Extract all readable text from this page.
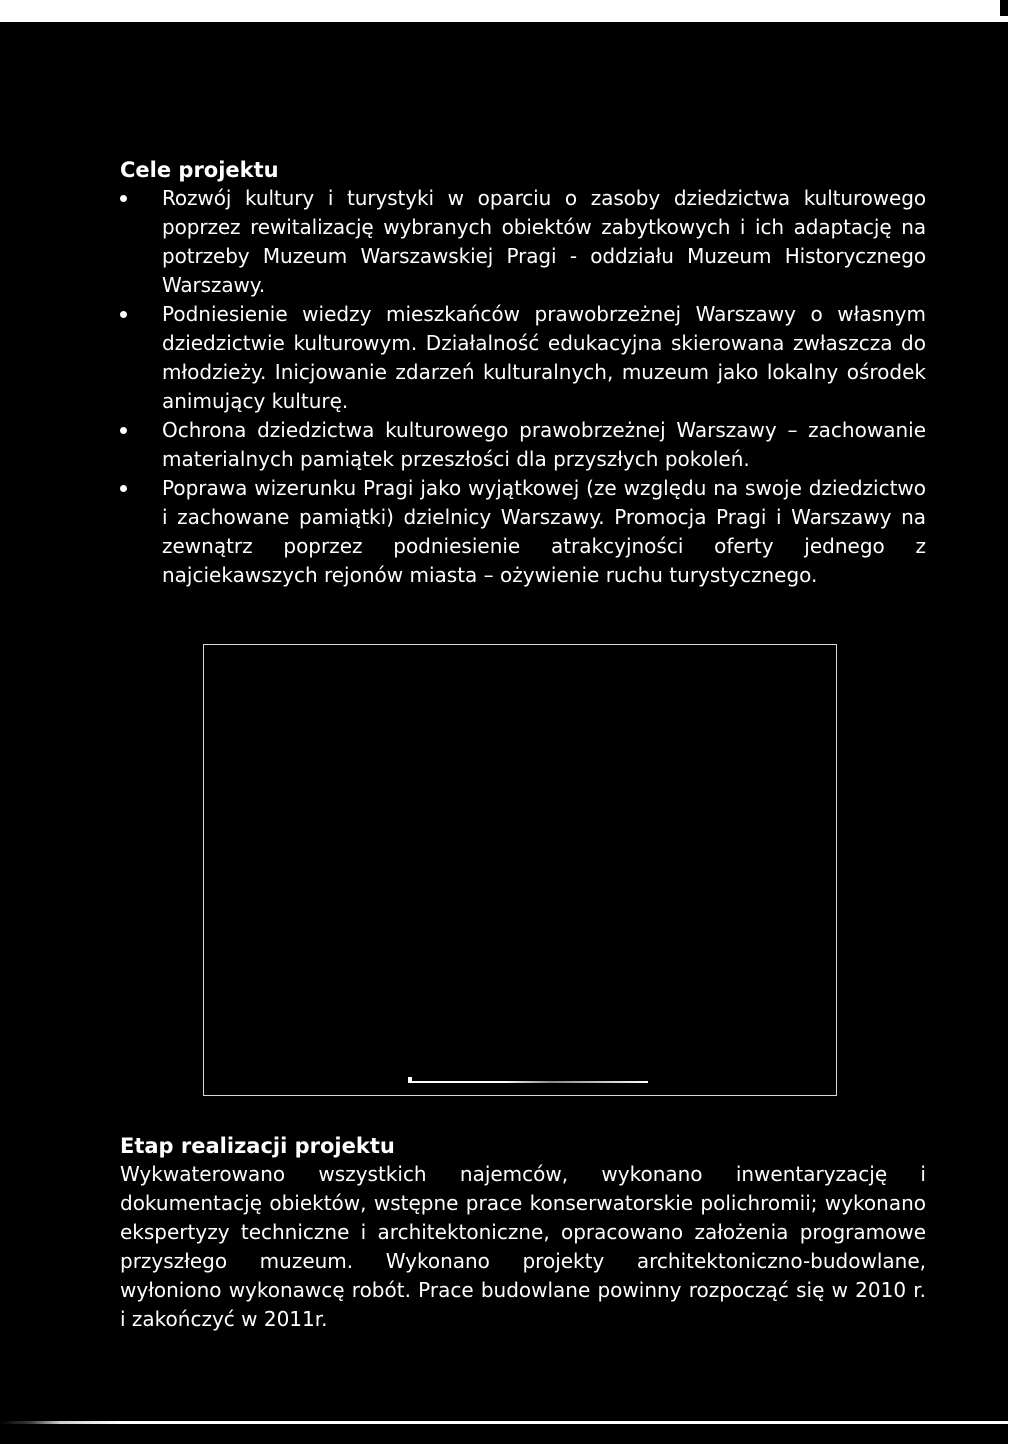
Cele projektu
Rozwój kultury i turystyki w oparciu o zasoby dziedzictwa kulturowego poprzez rewitalizację wybranych obiektów zabytkowych i ich adaptację na potrzeby Muzeum Warszawskiej Pragi - oddziału Muzeum Historycznego Warszawy.
Podniesienie wiedzy mieszkańców prawobrzeżnej Warszawy o własnym dziedzictwie kulturowym. Działalność edukacyjna skierowana zwłaszcza do młodzieży. Inicjowanie zdarzeń kulturalnych, muzeum jako lokalny ośrodek animujący kulturę.
Ochrona dziedzictwa kulturowego prawobrzeżnej Warszawy – zachowanie materialnych pamiątek przeszłości dla przyszłych pokoleń.
Poprawa wizerunku Pragi jako wyjątkowej (ze względu na swoje dziedzictwo i zachowane pamiątki) dzielnicy Warszawy. Promocja Pragi i Warszawy na zewnątrz poprzez podniesienie atrakcyjności oferty jednego z najciekawszych rejonów miasta – ożywienie ruchu turystycznego.
Etap realizacji projektu

Wykwaterowano wszystkich najemców, wykonano inwentaryzację i dokumentację obiektów, wstępne prace konserwatorskie polichromii; wykonano ekspertyzy techniczne i architektoniczne, opracowano założenia programowe przyszłego muzeum. Wykonano projekty architektoniczno-budowlane, wyłoniono wykonawcę robót. Prace budowlane powinny rozpocząć się w 2010 r. i zakończyć w 2011r.
